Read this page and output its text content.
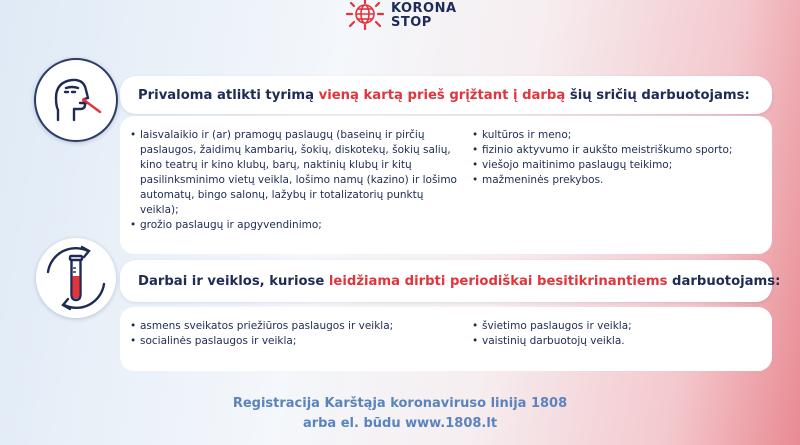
KORONA
STOP
Privaloma atlikti tyrimą vieną kartą prieš grįžtant į darbą šių sričių darbuotojams:
• laisvalaikio ir (ar) pramogų paslaugų (baseinų ir pirčių paslaugos, žaidimų kambarių, šokių, diskotekų, šokių salių, kino teatrų ir kino klubų, barų, naktinių klubų ir kitų pasilinksminimo vietų veikla, lošimo namų (kazino) ir lošimo automatų, bingo salonų, lažybų ir totalizatorių punktų veikla);
• grožio paslaugų ir apgyvendinimo;
• kultūros ir meno;
• fizinio aktyvumo ir aukšto meistriškumo sporto;
• viešojo maitinimo paslaugų teikimo;
• mažmeninės prekybos.
Darbai ir veiklos, kuriose leidžiama dirbti periodiškai besitikrinantiems darbuotojams:
• asmens sveikatos priežiūros paslaugos ir veikla;
• socialinės paslaugos ir veikla;
• švietimo paslaugos ir veikla;
• vaistinių darbuotojų veikla.
Registracija Karštąja koronaviruso linija 1808
arba el. būdu www.1808.lt
